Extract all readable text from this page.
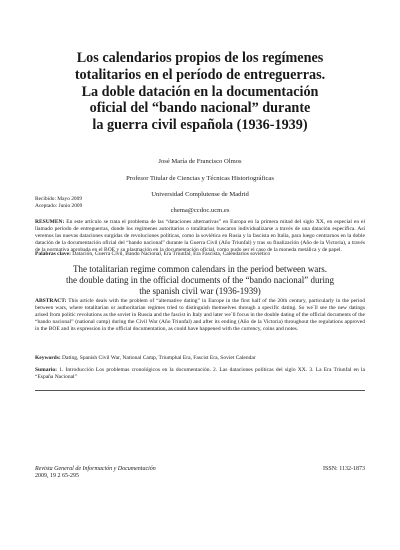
Los calendarios propios de los regímenes
totalitarios en el período de entreguerras.
La doble datación en la documentación
oficial del “bando nacional” durante
la guerra civil española (1936-1939)

José María de Francisco Olmos

Profesor Titular de Ciencias y Técnicas Historiográficas

Universidad Complutense de Madrid

chema@ccdoc.ucm.es

Recibido: Mayo 2009
Aceptado: Junio 2009
RESUMEN: En este artículo se trata el problema de las “dataciones alternativas” en Europa en la primera mitad del siglo XX, en especial en el llamado período de entreguerras, donde los regímenes autoritarios o totalitarios buscaron individualizarse a través de una datación específica. Así veremos las nuevas dataciones surgidas de revoluciones políticas, como la soviética en Rusia y la fascista en Italia, para luego centrarnos en la doble datación de la documentación oficial del “bando nacional” durante la Guerra Civil (Año Triunfal) y tras su finalización (Año de la Victoria), a través de la normativa aprobada en el BOE y su plasmación en la documentación oficial, como pudo ser el caso de la moneda metálica y de papel.
Palabras clave: Datación, Guerra Civil, Bando Nacional, Era Triunfal, Era Fascista, Calendarios soviético
The totalitarian regime common calendars in the period between wars.
the double dating in the official documents of the “bando nacional” during
the spanish civil war (1936-1939)
ABSTRACT: This article deals with the problem of “alternative dating” in Europe in the first half of the 20th century, particularly in the period between wars, where totalitarian or authoritarian regimes tried to distinguish themselves through a specific dating. So we´ll see the new datings arised from politic revolutions as the soviet in Russia and the fascist in Italy and later we´ll focus in the double dating of the official documents of the “bando nacional” (national camp) during the Civil War (Año Triunfal) and after its ending (Año de la Victoria) throughout the regulations approved in the BOE and its expression in the official documentation, as could have happened with the currency, coins and notes.
Keywords: Dating, Spanish Civil War, National Camp, Triumphal Era, Fascist Era, Soviet Calendar
Sumario: 1. Introducción Los problemas cronológicos en la documentación. 2. Las dataciones políticas del siglo XX. 3. La Era Triunfal en la “España Nacional”
Revista General de Información y Documentación
2009, 19 2 65-295
ISSN: 1132-1873
